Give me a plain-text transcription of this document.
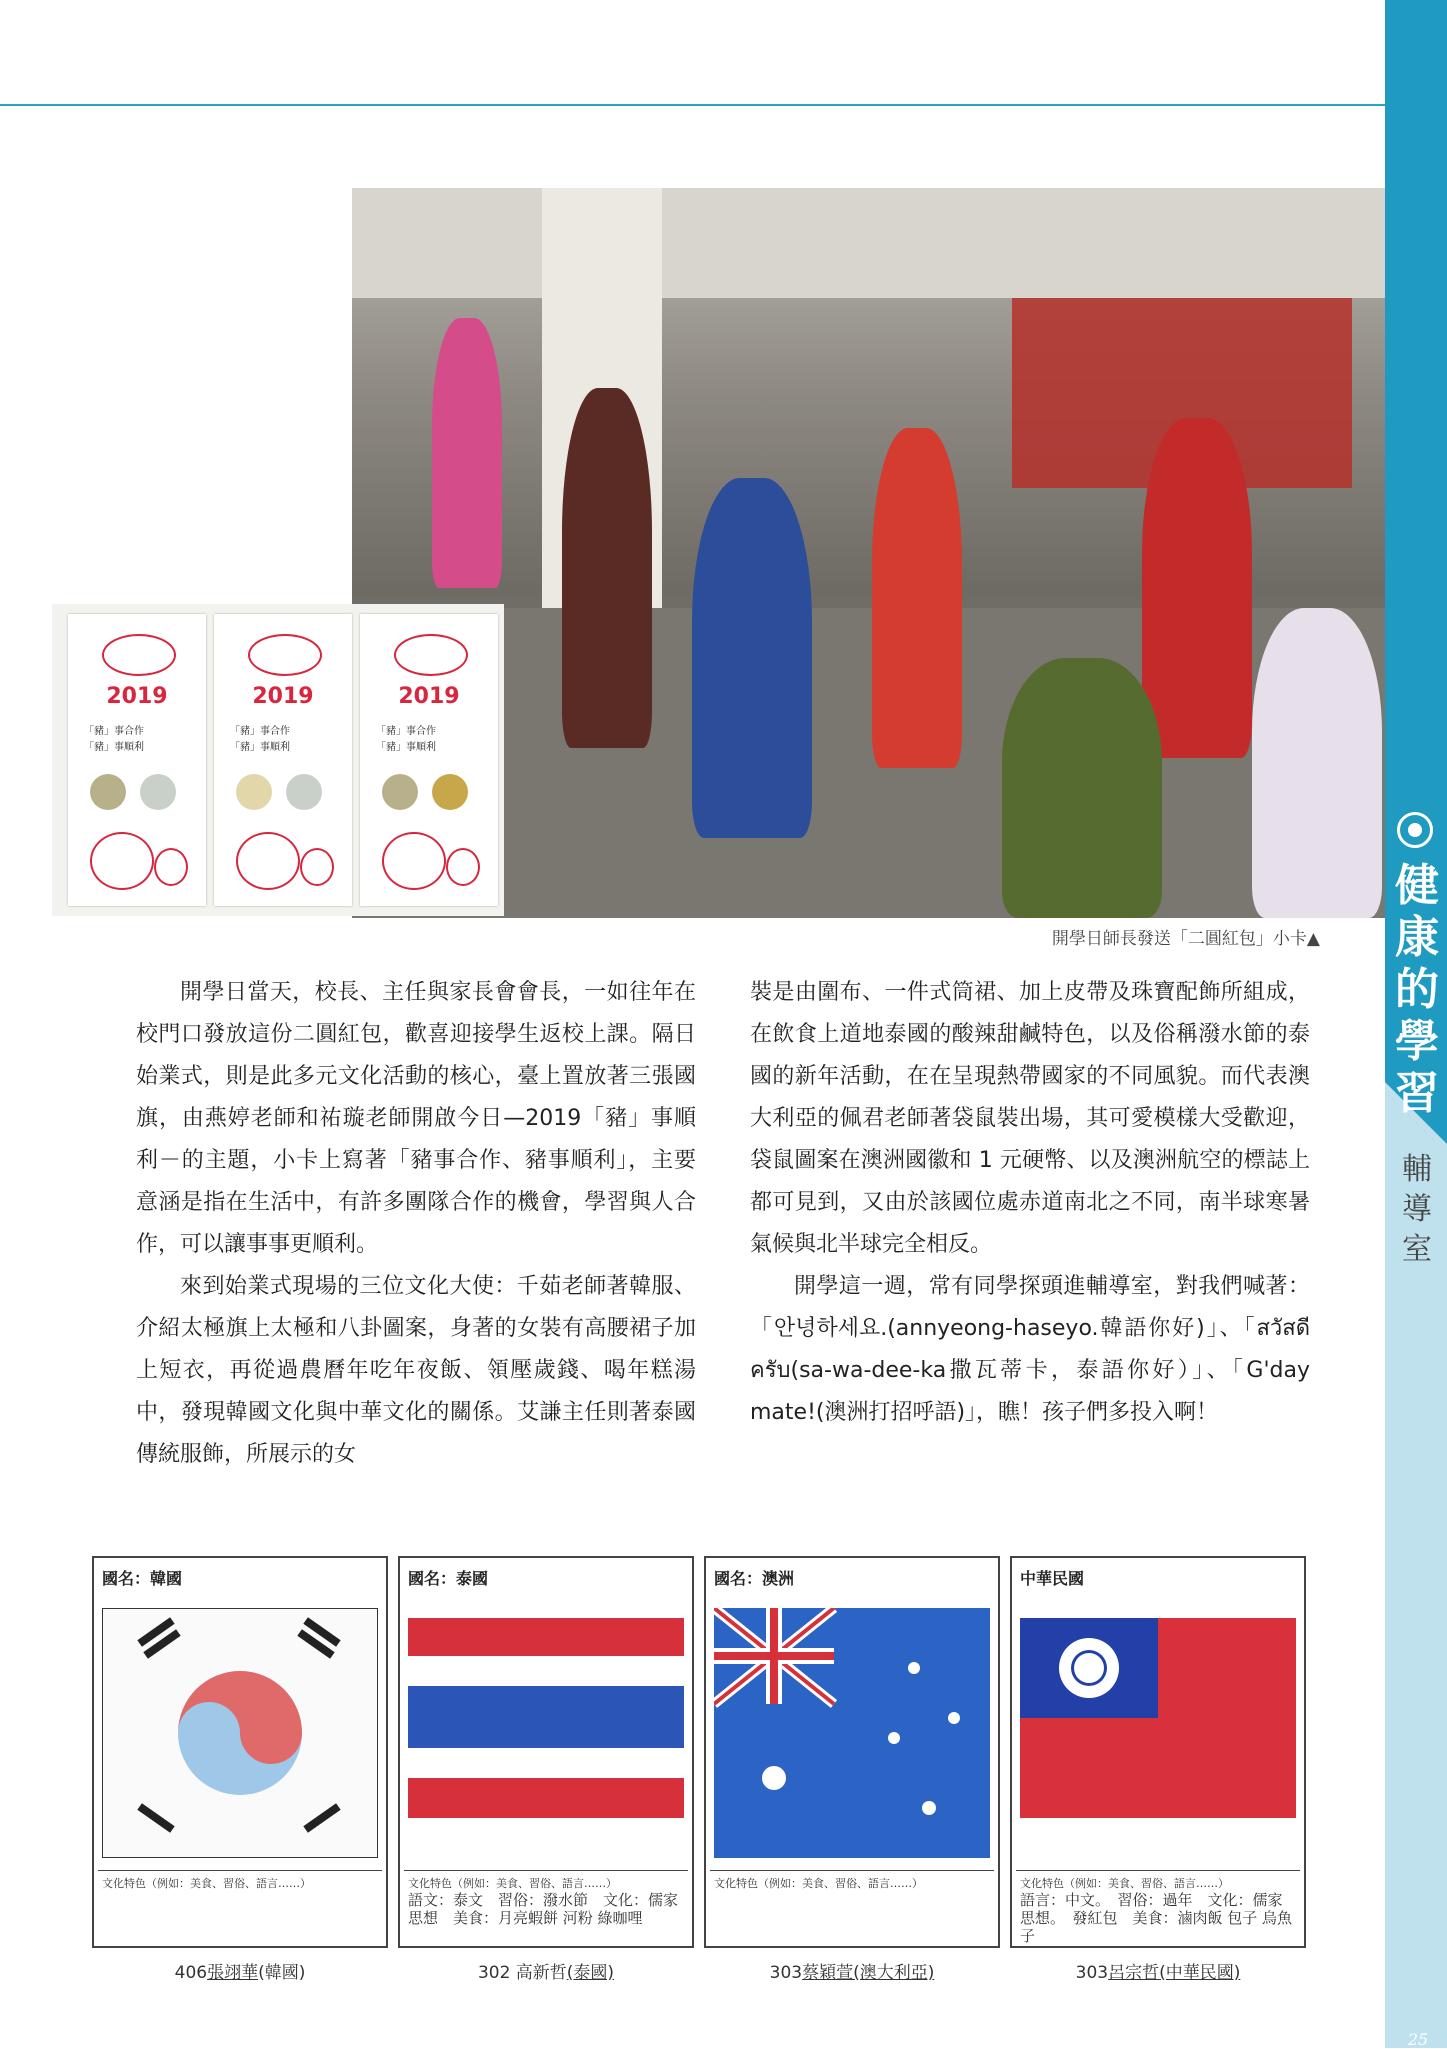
健
康
的
學
習
輔
導
室
2019
「豬」事合作
「豬」事順利
2019
「豬」事合作
「豬」事順利
2019
「豬」事合作
「豬」事順利
開學日師長發送「二圓紅包」小卡▲

開學日當天，校長、主任與家長會會長，一如往年在校門口發放這份二圓紅包，歡喜迎接學生返校上課。隔日始業式，則是此多元文化活動的核心，臺上置放著三張國旗，由燕婷老師和祐璇老師開啟今日—2019「豬」事順利－的主題，小卡上寫著「豬事合作、豬事順利」，主要意涵是指在生活中，有許多團隊合作的機會，學習與人合作，可以讓事事更順利。

來到始業式現場的三位文化大使：千茹老師著韓服、介紹太極旗上太極和八卦圖案，身著的女裝有高腰裙子加上短衣，再從過農曆年吃年夜飯、領壓歲錢、喝年糕湯中，發現韓國文化與中華文化的關係。艾謙主任則著泰國傳統服飾，所展示的女

裝是由圍布、一件式筒裙、加上皮帶及珠寶配飾所組成，在飲食上道地泰國的酸辣甜鹹特色，以及俗稱潑水節的泰國的新年活動，在在呈現熱帶國家的不同風貌。而代表澳大利亞的佩君老師著袋鼠裝出場，其可愛模樣大受歡迎，袋鼠圖案在澳洲國徽和 1 元硬幣、以及澳洲航空的標誌上都可見到，又由於該國位處赤道南北之不同，南半球寒暑氣候與北半球完全相反。

開學這一週，常有同學探頭進輔導室，對我們喊著：「안녕하세요.(annyeong-haseyo.韓語你好)」、「สวัสดีครับ(sa-wa-dee-ka撒瓦蒂卡，泰語你好）」、「G'day mate!(澳洲打招呼語)」，瞧！孩子們多投入啊！

國名：韓國
文化特色（例如：美食、習俗、語言……）
國名：泰國
文化特色（例如：美食、習俗、語言……）
語文：泰文　習俗：潑水節　文化：儒家思想　美食：月亮蝦餅 河粉 綠咖哩
國名：澳洲
文化特色（例如：美食、習俗、語言……）
中華民國
文化特色（例如：美食、習俗、語言……）
語言：中文。　習俗：過年　文化：儒家思想。　發紅包　美食：滷肉飯 包子 烏魚子
406張翊華(韓國)	302 高新哲(泰國)	303蔡穎萱(澳大利亞)	303呂宗哲(中華民國)
25
